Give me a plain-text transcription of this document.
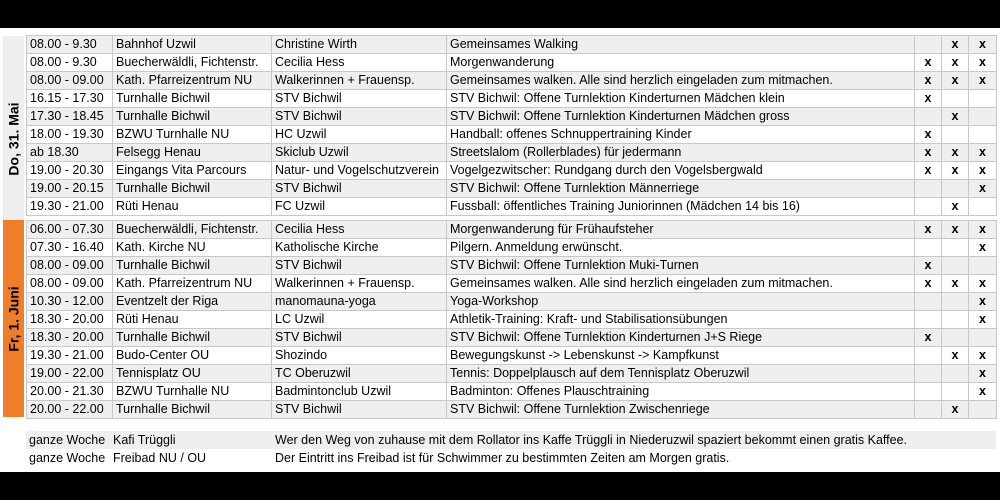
Do, 31. Mai
Fr, 1. Juni
08.00 - 9.30	Bahnhof Uzwil	Christine Wirth	Gemeinsames Walking		x	x
08.00 - 9.30	Buecherwäldli, Fichtenstr.	Cecilia Hess	Morgenwanderung	x	x	x
08.00 - 09.00	Kath. Pfarreizentrum NU	Walkerinnen + Frauensp.	Gemeinsames walken. Alle sind herzlich eingeladen zum mitmachen.	x	x	x
16.15 - 17.30	Turnhalle Bichwil	STV Bichwil	STV Bichwil: Offene Turnlektion Kinderturnen Mädchen klein	x		
17.30 - 18.45	Turnhalle Bichwil	STV Bichwil	STV Bichwil: Offene Turnlektion Kinderturnen Mädchen gross		x	
18.00 - 19.30	BZWU Turnhalle NU	HC Uzwil	Handball: offenes Schnuppertraining Kinder	x		
ab 18.30	Felsegg Henau	Skiclub Uzwil	Streetslalom (Rollerblades) für jedermann	x	x	x
19.00 - 20.30	Eingangs Vita Parcours	Natur- und Vogelschutzverein	Vogelgezwitscher: Rundgang durch den Vogelsbergwald	x	x	x
19.00 - 20.15	Turnhalle Bichwil	STV Bichwil	STV Bichwil: Offene Turnlektion Männerriege			x
19.30 - 21.00	Rüti Henau	FC Uzwil	Fussball: öffentliches Training Juniorinnen (Mädchen 14 bis 16)		x	
06.00 - 07.30	Buecherwäldli, Fichtenstr.	Cecilia Hess	Morgenwanderung für Frühaufsteher	x	x	x
07.30 - 16.40	Kath. Kirche NU	Katholische Kirche	Pilgern. Anmeldung erwünscht.			x
08.00 - 09.00	Turnhalle Bichwil	STV Bichwil	STV Bichwil: Offene Turnlektion Muki-Turnen	x		
08.00 - 09.00	Kath. Pfarreizentrum NU	Walkerinnen + Frauensp.	Gemeinsames walken. Alle sind herzlich eingeladen zum mitmachen.	x	x	x
10.30 - 12.00	Eventzelt der Riga	manomauna-yoga	Yoga-Workshop			x
18.30 - 20.00	Rüti Henau	LC Uzwil	Athletik-Training: Kraft- und Stabilisationsübungen			x
18.30 - 20.00	Turnhalle Bichwil	STV Bichwil	STV Bichwil: Offene Turnlektion Kinderturnen J+S Riege	x		
19.30 - 21.00	Budo-Center OU	Shozindo	Bewegungskunst -> Lebenskunst -> Kampfkunst		x	x
19.00 - 22.00	Tennisplatz OU	TC Oberuzwil	Tennis: Doppelplausch auf dem Tennisplatz Oberuzwil			x
20.00 - 21.30	BZWU Turnhalle NU	Badmintonclub Uzwil	Badminton: Offenes Plauschtraining			x
20.00 - 22.00	Turnhalle Bichwil	STV Bichwil	STV Bichwil: Offene Turnlektion Zwischenriege		x	
ganze Woche Kafi Trüggli	Wer den Weg von zuhause mit dem Rollator ins Kaffe Trüggli in Niederuzwil spaziert bekommt einen gratis Kaffee.
ganze Woche Freibad NU / OU	Der Eintritt ins Freibad ist für Schwimmer zu bestimmten Zeiten am Morgen gratis.
